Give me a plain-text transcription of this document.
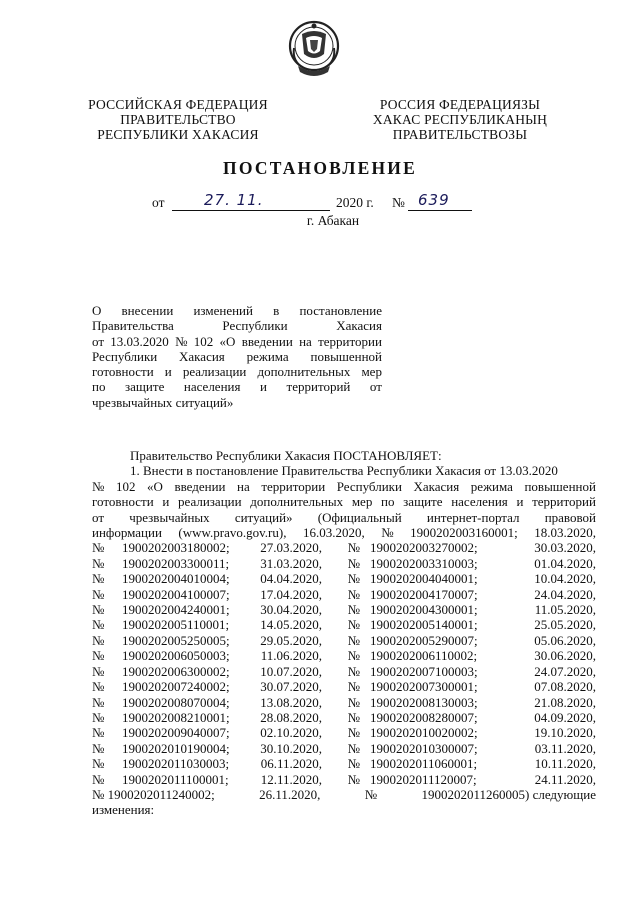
РОССИЙСКАЯ ФЕДЕРАЦИЯ
ПРАВИТЕЛЬСТВО
РЕСПУБЛИКИ ХАКАСИЯ
РОССИЯ ФЕДЕРАЦИЯЗЫ
ХАКАС РЕСПУБЛИКАНЫҢ
ПРАВИТЕЛЬСТВОЗЫ
ПОСТАНОВЛЕНИЕ
от	27. 11.	2020 г. № 639
г. Абакан
О внесении изменений в постановление
Правительства	Республики	Хакасия
от 13.03.2020 № 102 «О введении на территории
Республики Хакасия режима повышенной
готовности и реализации дополнительных мер
по защите населения и территорий от
чрезвычайных ситуаций»
Правительство Республики Хакасия ПОСТАНОВЛЯЕТ:
1. Внести в постановление Правительства Республики Хакасия от 13.03.2020
№ 102 «О введении на территории Республики Хакасия режима повышенной
готовности и реализации дополнительных мер по защите населения и территорий
от чрезвычайных ситуаций» (Официальный интернет-портал правовой
информации (www.pravo.gov.ru), 16.03.2020, № 1900202003160001; 18.03.2020,
№	1900202003180002;	27.03.2020,	№ 1900202003270002;	30.03.2020,
№	1900202003300011;	31.03.2020,	№ 1900202003310003;	01.04.2020,
№	1900202004010004;	04.04.2020,	№ 1900202004040001;	10.04.2020,
№	1900202004100007;	17.04.2020,	№ 1900202004170007;	24.04.2020,
№	1900202004240001;	30.04.2020,	№ 1900202004300001;	11.05.2020,
№	1900202005110001;	14.05.2020,	№ 1900202005140001;	25.05.2020,
№	1900202005250005;	29.05.2020,	№ 1900202005290007;	05.06.2020,
№	1900202006050003;	11.06.2020,	№ 1900202006110002;	30.06.2020,
№	1900202006300002;	10.07.2020,	№ 1900202007100003;	24.07.2020,
№	1900202007240002;	30.07.2020,	№ 1900202007300001;	07.08.2020,
№	1900202008070004;	13.08.2020,	№ 1900202008130003;	21.08.2020,
№	1900202008210001;	28.08.2020,	№ 1900202008280007;	04.09.2020,
№	1900202009040007;	02.10.2020,	№ 1900202010020002;	19.10.2020,
№	1900202010190004;	30.10.2020,	№ 1900202010300007;	03.11.2020,
№	1900202011030003;	06.11.2020,	№ 1900202011060001;	10.11.2020,
№	1900202011100001;	12.11.2020,	№ 1900202011120007;	24.11.2020,
№ 1900202011240002;	26.11.2020,	№	1900202011260005) следующие
изменения:
